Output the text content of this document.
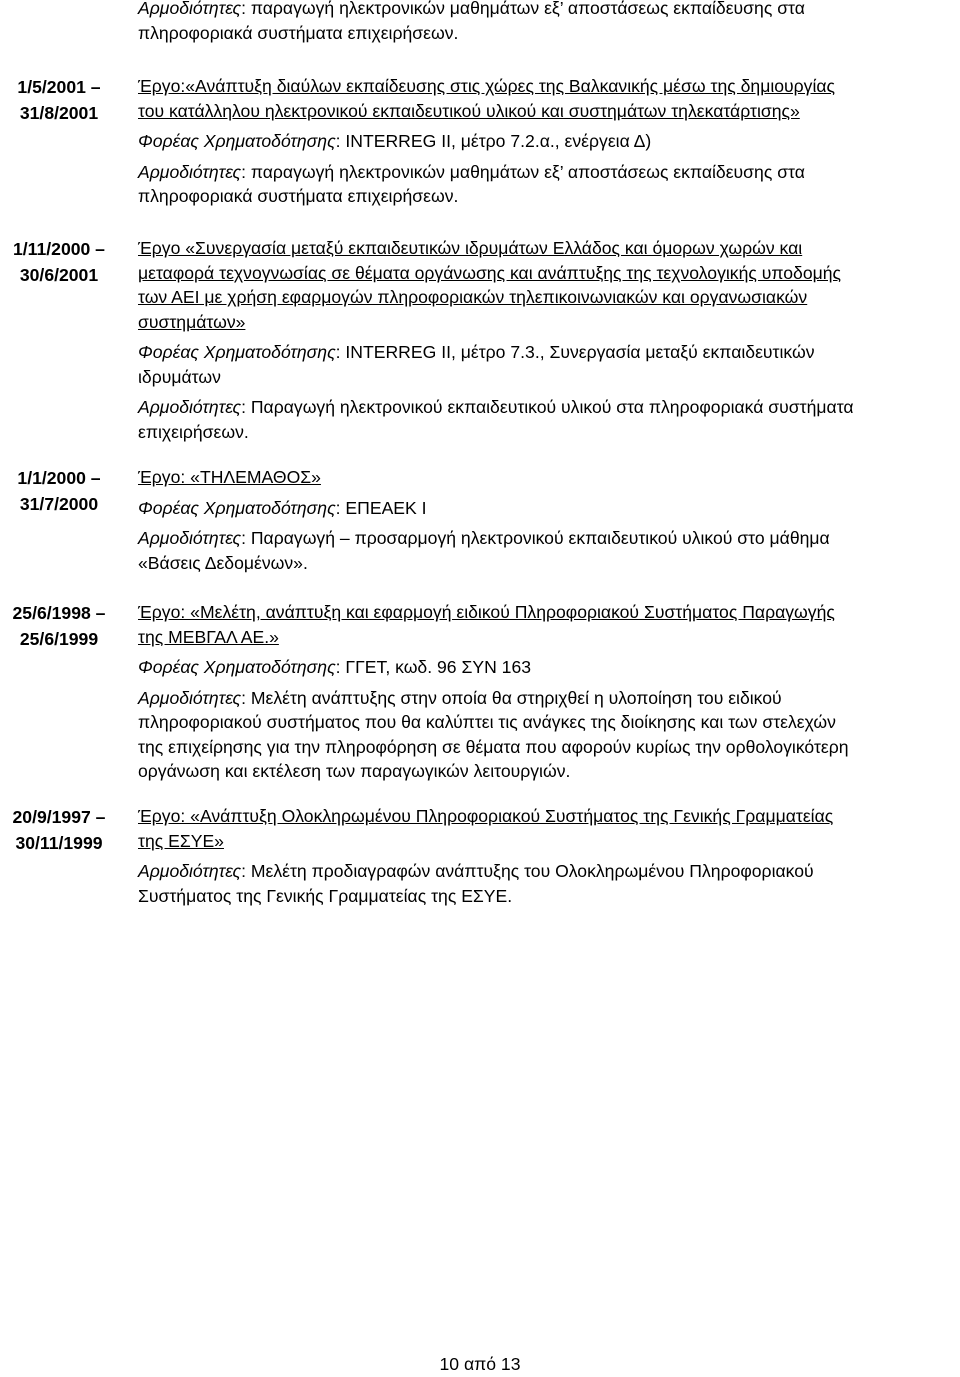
Αρμοδιότητες: παραγωγή ηλεκτρονικών μαθημάτων εξ’ αποστάσεως εκπαίδευσης στα
πληροφοριακά συστήματα επιχειρήσεων.
1/5/2001 –
31/8/2001
Έργο:«Ανάπτυξη διαύλων εκπαίδευσης στις χώρες της Βαλκανικής μέσω της δημιουργίας
του κατάλληλου ηλεκτρονικού εκπαιδευτικού υλικού και συστημάτων τηλεκατάρτισης»
Φορέας Χρηματοδότησης: INTERREG II, μέτρο 7.2.α., ενέργεια Δ)
Αρμοδιότητες: παραγωγή ηλεκτρονικών μαθημάτων εξ’ αποστάσεως εκπαίδευσης στα
πληροφοριακά συστήματα επιχειρήσεων.
1/11/2000 –
30/6/2001
Έργο «Συνεργασία μεταξύ εκπαιδευτικών ιδρυμάτων Ελλάδος και όμορων χωρών και
μεταφορά τεχνογνωσίας σε θέματα οργάνωσης και ανάπτυξης της τεχνολογικής υποδομής
των ΑΕΙ με χρήση εφαρμογών πληροφοριακών τηλεπικοινωνιακών και οργανωσιακών
συστημάτων»
Φορέας Χρηματοδότησης: INTERREG II, μέτρο 7.3., Συνεργασία μεταξύ εκπαιδευτικών
ιδρυμάτων
Αρμοδιότητες: Παραγωγή ηλεκτρονικού εκπαιδευτικού υλικού στα πληροφοριακά συστήματα
επιχειρήσεων.
1/1/2000 –
31/7/2000
Έργο: «ΤΗΛΕΜΑΘΟΣ»
Φορέας Χρηματοδότησης: ΕΠΕΑΕΚ Ι
Αρμοδιότητες: Παραγωγή – προσαρμογή ηλεκτρονικού εκπαιδευτικού υλικού στο μάθημα
«Βάσεις Δεδομένων».
25/6/1998 –
25/6/1999
Έργο: «Μελέτη, ανάπτυξη και εφαρμογή ειδικού Πληροφοριακού Συστήματος Παραγωγής
της ΜΕΒΓΑΛ ΑΕ.»
Φορέας Χρηματοδότησης: ΓΓΕΤ, κωδ. 96 ΣΥΝ 163
Αρμοδιότητες: Μελέτη ανάπτυξης στην οποία θα στηριχθεί η υλοποίηση του ειδικού
πληροφοριακού συστήματος που θα καλύπτει τις ανάγκες της διοίκησης και των στελεχών
της επιχείρησης για την πληροφόρηση σε θέματα που αφορούν κυρίως την ορθολογικότερη
οργάνωση και εκτέλεση των παραγωγικών λειτουργιών.
20/9/1997 –
30/11/1999
Έργο: «Ανάπτυξη Ολοκληρωμένου Πληροφοριακού Συστήματος της Γενικής Γραμματείας
της ΕΣΥΕ»
Αρμοδιότητες: Μελέτη προδιαγραφών ανάπτυξης του Ολοκληρωμένου Πληροφοριακού
Συστήματος της Γενικής Γραμματείας της ΕΣΥΕ.
10 από 13
